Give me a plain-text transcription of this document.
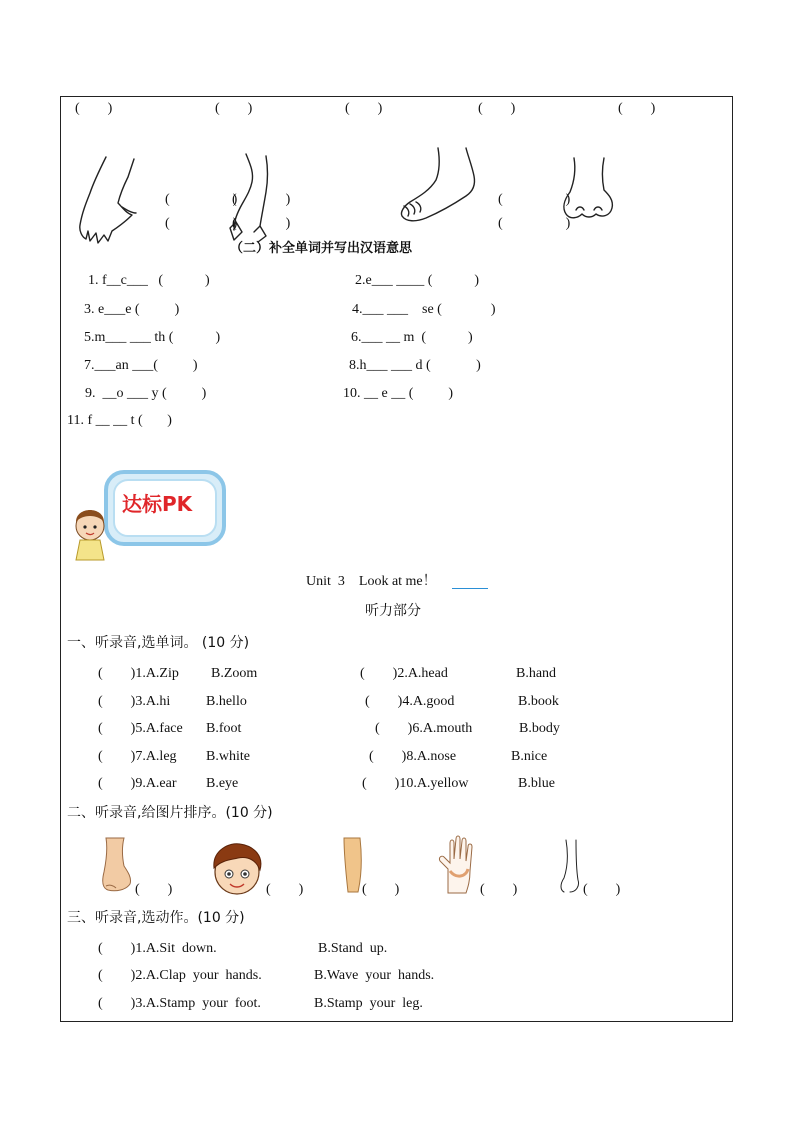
(        )	(        )	(        )	(        )	(        )
(                  )
(                  )
(              )
(              )
(                  )
(                  )
（二）补全单词并写出汉语意思
1. f__c___   (            )	2.e___ ____ (            )
3. e___e (          )	4.___ ___    se (              )
5.m___ ___ th (            )	6.___ __ m  (            )
7.___an ___(          )	8.h___ ___ d (             )
9.  __o ___ y (          )	10. __ e __ (          )
11. f __ __ t (       )
达标PK
Unit  3    Look at me！
听力部分
一、听录音,选单词。 (10 分)
(        )1.A.Zip B.Zoom	(        )2.A.head	B.hand
(        )3.A.hi	B.hello	(        )4.A.good	B.book
(        )5.A.face B.foot	(        )6.A.mouth	B.body
(        )7.A.leg B.white	(        )8.A.nose	B.nice
(        )9.A.ear B.eye	(        )10.A.yellow	B.blue
二、听录音,给图片排序。(10 分)
(        )	(        )	(        )	(        )	(        )
三、听录音,选动作。(10 分)
(        )1.A.Sit  down.	B.Stand  up.
(        )2.A.Clap  your  hands.	B.Wave  your  hands.
(        )3.A.Stamp  your  foot.	B.Stamp  your  leg.
